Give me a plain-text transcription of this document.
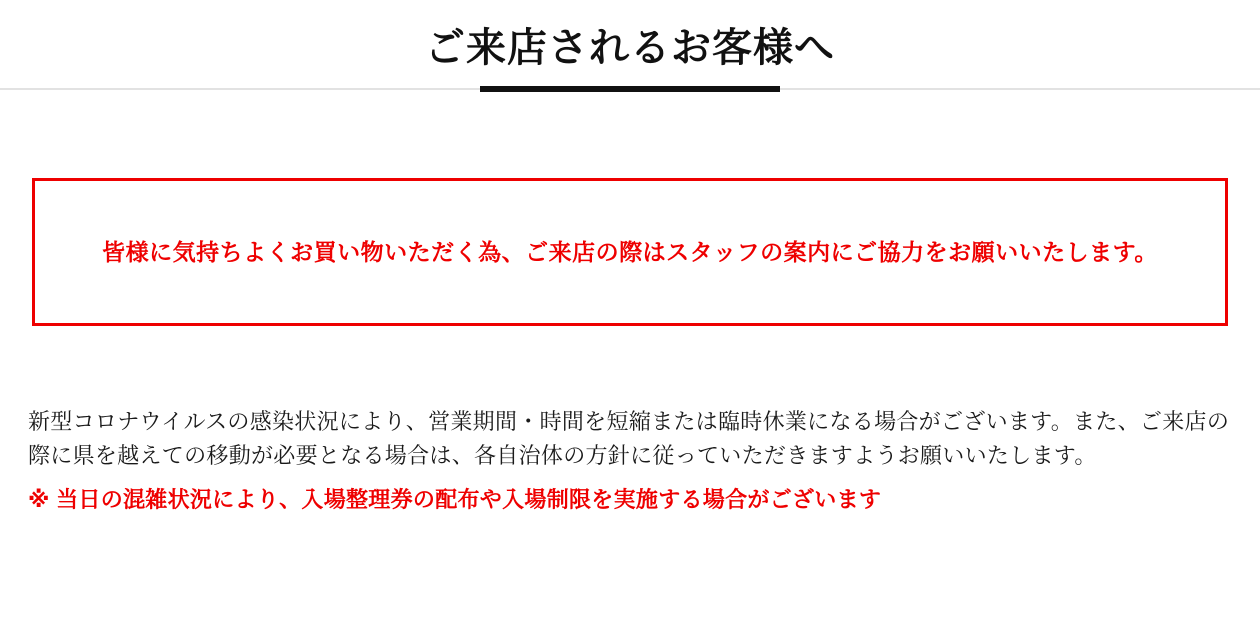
ご来店されるお客様へ
皆様に気持ちよくお買い物いただく為、ご来店の際はスタッフの案内にご協力をお願いいたします。

新型コロナウイルスの感染状況により、営業期間・時間を短縮または臨時休業になる場合がございます。また、ご来店の際に県を越えての移動が必要となる場合は、各自治体の方針に従っていただきますようお願いいたします。

※ 当日の混雑状況により、入場整理券の配布や入場制限を実施する場合がございます
